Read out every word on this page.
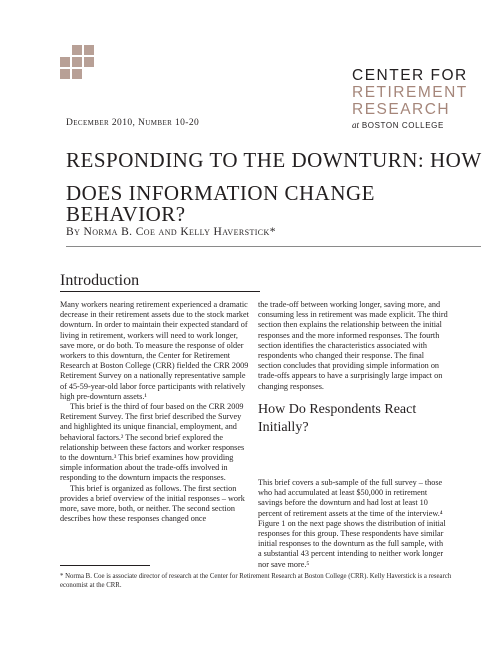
CENTER FOR
RETIREMENT
RESEARCH
at BOSTON COLLEGE
December 2010, Number 10-20
RESPONDING TO THE DOWNTURN: HOW
DOES INFORMATION CHANGE BEHAVIOR?
By Norma B. Coe and Kelly Haverstick*
Introduction

Many workers nearing retirement experienced a dramatic decrease in their retirement assets due to the stock market downturn. In order to maintain their expected standard of living in retirement, workers will need to work longer, save more, or do both. To measure the response of older workers to this downturn, the Center for Retirement Research at Boston College (CRR) fielded the CRR 2009 Retirement Survey on a nationally representative sample of 45-59-year-old labor force participants with relatively high pre-downturn assets.¹

This brief is the third of four based on the CRR 2009 Retirement Survey. The first brief described the Survey and highlighted its unique financial, employment, and behavioral factors.² The second brief explored the relationship between these factors and worker responses to the downturn.³ This brief examines how providing simple information about the trade-offs involved in responding to the downturn impacts the responses.

This brief is organized as follows. The first section provides a brief overview of the initial responses – work more, save more, both, or neither. The second section describes how these responses changed once

the trade-off between working longer, saving more, and consuming less in retirement was made explicit. The third section then explains the relationship between the initial responses and the more informed responses. The fourth section identifies the characteristics associated with respondents who changed their response. The final section concludes that providing simple information on trade-offs appears to have a surprisingly large impact on changing responses.

How Do Respondents React Initially?

This brief covers a sub-sample of the full survey – those who had accumulated at least $50,000 in retirement savings before the downturn and had lost at least 10 percent of retirement assets at the time of the interview.⁴ Figure 1 on the next page shows the distribution of initial responses for this group. These respondents have similar initial responses to the downturn as the full sample, with a substantial 43 percent intending to neither work longer nor save more.⁵

* Norma B. Coe is associate director of research at the Center for Retirement Research at Boston College (CRR). Kelly Haverstick is a research economist at the CRR.
